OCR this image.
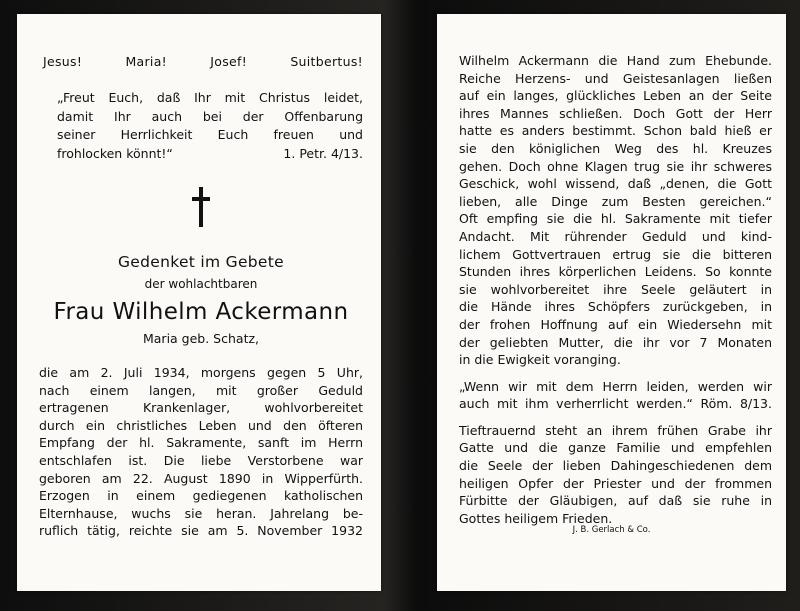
Jesus!	Maria!	Josef!	Suitbertus!
„Freut Euch, daß Ihr mit Christus leidet,
damit Ihr auch bei der Offenbarung
seiner Herrlichkeit Euch freuen und
frohlocken könnt!“	1. Petr. 4/13.
Gedenket im Gebete
der wohlachtbaren
Frau Wilhelm Ackermann
Maria geb. Schatz,
die am 2. Juli 1934, morgens gegen 5 Uhr,
nach einem langen, mit großer Geduld
ertragenen Krankenlager, wohlvorbereitet
durch ein christliches Leben und den öfteren
Empfang der hl. Sakramente, sanft im Herrn
entschlafen ist. Die liebe Verstorbene war
geboren am 22. August 1890 in Wipperfürth.
Erzogen in einem gediegenen katholischen
Elternhause, wuchs sie heran. Jahrelang be-
ruflich tätig, reichte sie am 5. November 1932
Wilhelm Ackermann die Hand zum Ehebunde.
Reiche Herzens- und Geistesanlagen ließen
auf ein langes, glückliches Leben an der Seite
ihres Mannes schließen. Doch Gott der Herr
hatte es anders bestimmt. Schon bald hieß er
sie den königlichen Weg des hl. Kreuzes
gehen. Doch ohne Klagen trug sie ihr schweres
Geschick, wohl wissend, daß „denen, die Gott
lieben, alle Dinge zum Besten gereichen.“
Oft empfing sie die hl. Sakramente mit tiefer
Andacht. Mit rührender Geduld und kind-
lichem Gottvertrauen ertrug sie die bitteren
Stunden ihres körperlichen Leidens. So konnte
sie wohlvorbereitet ihre Seele geläutert in
die Hände ihres Schöpfers zurückgeben, in
der frohen Hoffnung auf ein Wiedersehn mit
der geliebten Mutter, die ihr vor 7 Monaten
in die Ewigkeit voranging.
„Wenn wir mit dem Herrn leiden, werden wir
auch mit ihm verherrlicht werden.“ Röm. 8/13.
Tieftrauernd steht an ihrem frühen Grabe ihr
Gatte und die ganze Familie und empfehlen
die Seele der lieben Dahingeschiedenen dem
heiligen Opfer der Priester und der frommen
Fürbitte der Gläubigen, auf daß sie ruhe in
Gottes heiligem Frieden.
J. B. Gerlach & Co.
